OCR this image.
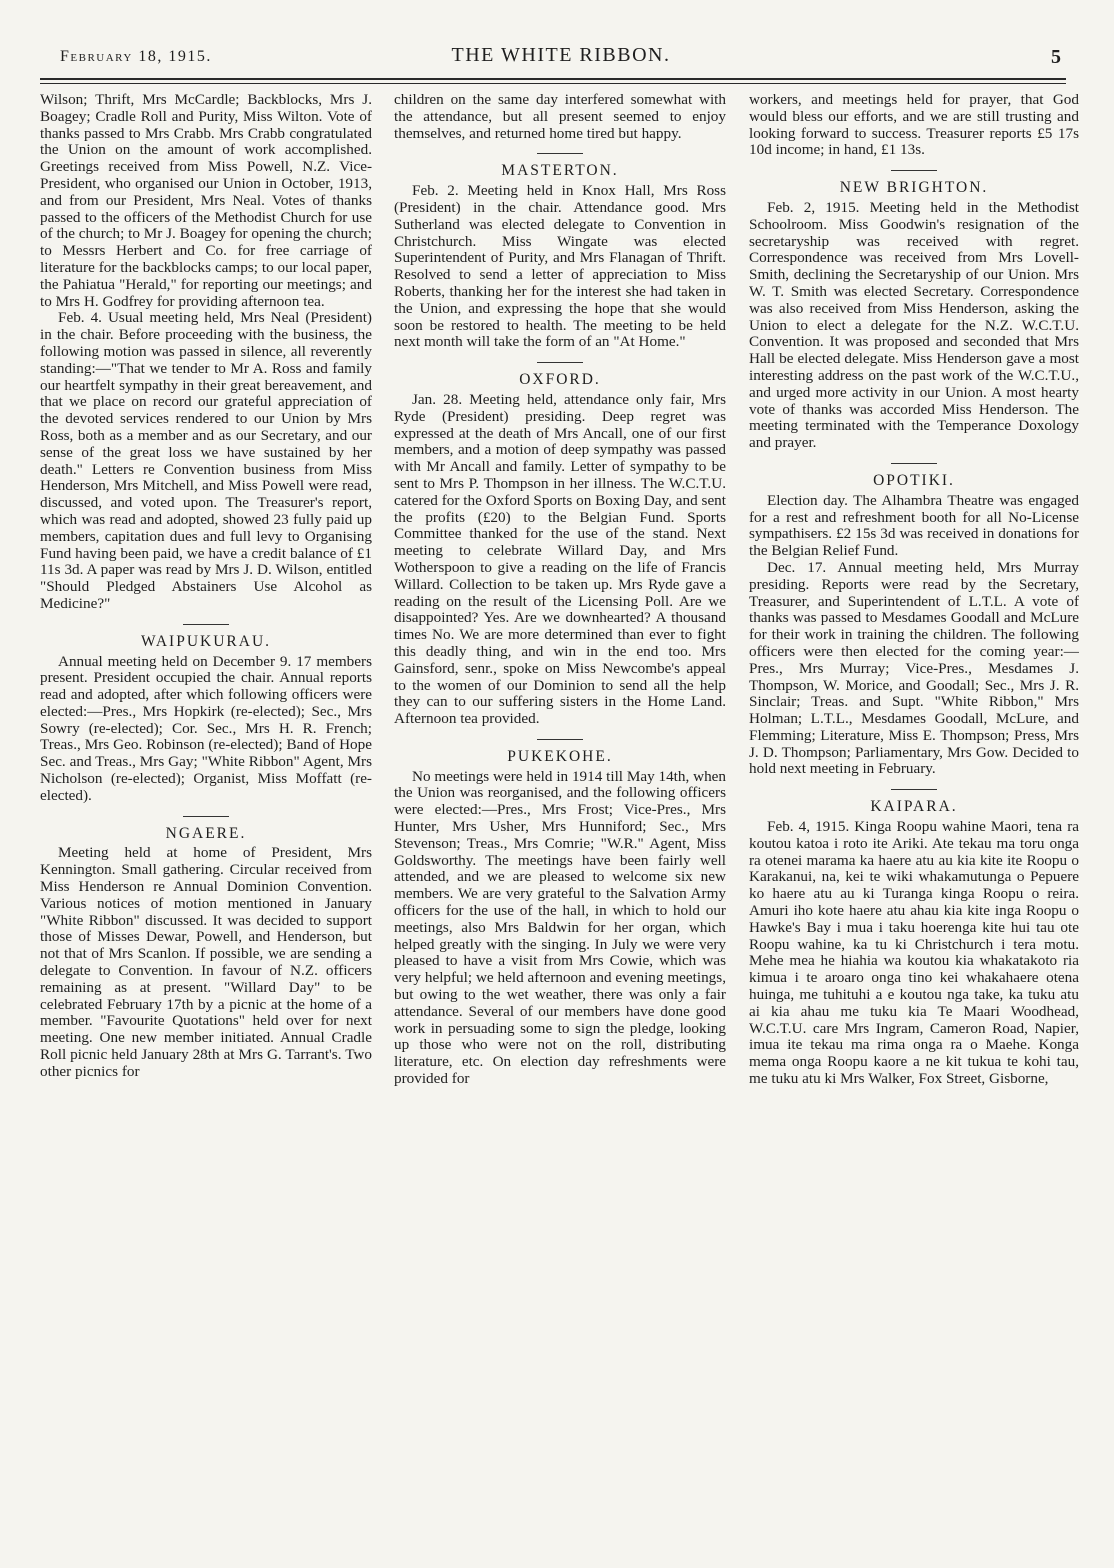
February 18, 1915.	THE WHITE RIBBON.	5

Wilson; Thrift, Mrs McCardle; Backblocks, Mrs J. Boagey; Cradle Roll and Purity, Miss Wilton. Vote of thanks passed to Mrs Crabb. Mrs Crabb congratulated the Union on the amount of work accomplished. Greetings received from Miss Powell, N.Z. Vice-President, who organised our Union in October, 1913, and from our President, Mrs Neal. Votes of thanks passed to the officers of the Methodist Church for use of the church; to Mr J. Boagey for opening the church; to Messrs Herbert and Co. for free carriage of literature for the backblocks camps; to our local paper, the Pahiatua "Herald," for reporting our meetings; and to Mrs H. Godfrey for providing afternoon tea.

Feb. 4. Usual meeting held, Mrs Neal (President) in the chair. Before proceeding with the business, the following motion was passed in silence, all reverently standing:—"That we tender to Mr A. Ross and family our heartfelt sympathy in their great bereavement, and that we place on record our grateful appreciation of the devoted services rendered to our Union by Mrs Ross, both as a member and as our Secretary, and our sense of the great loss we have sustained by her death." Letters re Convention business from Miss Henderson, Mrs Mitchell, and Miss Powell were read, discussed, and voted upon. The Treasurer's report, which was read and adopted, showed 23 fully paid up members, capitation dues and full levy to Organising Fund having been paid, we have a credit balance of £1 11s 3d. A paper was read by Mrs J. D. Wilson, entitled "Should Pledged Abstainers Use Alcohol as Medicine?"

WAIPUKURAU.

Annual meeting held on December 9. 17 members present. President occupied the chair. Annual reports read and adopted, after which following officers were elected:—Pres., Mrs Hopkirk (re-elected); Sec., Mrs Sowry (re-elected); Cor. Sec., Mrs H. R. French; Treas., Mrs Geo. Robinson (re-elected); Band of Hope Sec. and Treas., Mrs Gay; "White Ribbon" Agent, Mrs Nicholson (re-elected); Organist, Miss Moffatt (re-elected).

NGAERE.

Meeting held at home of President, Mrs Kennington. Small gathering. Circular received from Miss Henderson re Annual Dominion Convention. Various notices of motion mentioned in January "White Ribbon" discussed. It was decided to support those of Misses Dewar, Powell, and Henderson, but not that of Mrs Scanlon. If possible, we are sending a delegate to Convention. In favour of N.Z. officers remaining as at present. "Willard Day" to be celebrated February 17th by a picnic at the home of a member. "Favourite Quotations" held over for next meeting. One new member initiated. Annual Cradle Roll picnic held January 28th at Mrs G. Tarrant's. Two other picnics for

children on the same day interfered somewhat with the attendance, but all present seemed to enjoy themselves, and returned home tired but happy.

MASTERTON.

Feb. 2. Meeting held in Knox Hall, Mrs Ross (President) in the chair. Attendance good. Mrs Sutherland was elected delegate to Convention in Christchurch. Miss Wingate was elected Superintendent of Purity, and Mrs Flanagan of Thrift. Resolved to send a letter of appreciation to Miss Roberts, thanking her for the interest she had taken in the Union, and expressing the hope that she would soon be restored to health. The meeting to be held next month will take the form of an "At Home."

OXFORD.

Jan. 28. Meeting held, attendance only fair, Mrs Ryde (President) presiding. Deep regret was expressed at the death of Mrs Ancall, one of our first members, and a motion of deep sympathy was passed with Mr Ancall and family. Letter of sympathy to be sent to Mrs P. Thompson in her illness. The W.C.T.U. catered for the Oxford Sports on Boxing Day, and sent the profits (£20) to the Belgian Fund. Sports Committee thanked for the use of the stand. Next meeting to celebrate Willard Day, and Mrs Wotherspoon to give a reading on the life of Francis Willard. Collection to be taken up. Mrs Ryde gave a reading on the result of the Licensing Poll. Are we disappointed? Yes. Are we downhearted? A thousand times No. We are more determined than ever to fight this deadly thing, and win in the end too. Mrs Gainsford, senr., spoke on Miss Newcombe's appeal to the women of our Dominion to send all the help they can to our suffering sisters in the Home Land. Afternoon tea provided.

PUKEKOHE.

No meetings were held in 1914 till May 14th, when the Union was reorganised, and the following officers were elected:—Pres., Mrs Frost; Vice-Pres., Mrs Hunter, Mrs Usher, Mrs Hunniford; Sec., Mrs Stevenson; Treas., Mrs Comrie; "W.R." Agent, Miss Goldsworthy. The meetings have been fairly well attended, and we are pleased to welcome six new members. We are very grateful to the Salvation Army officers for the use of the hall, in which to hold our meetings, also Mrs Baldwin for her organ, which helped greatly with the singing. In July we were very pleased to have a visit from Mrs Cowie, which was very helpful; we held afternoon and evening meetings, but owing to the wet weather, there was only a fair attendance. Several of our members have done good work in persuading some to sign the pledge, looking up those who were not on the roll, distributing literature, etc. On election day refreshments were provided for

workers, and meetings held for prayer, that God would bless our efforts, and we are still trusting and looking forward to success. Treasurer reports £5 17s 10d income; in hand, £1 13s.

NEW BRIGHTON.

Feb. 2, 1915. Meeting held in the Methodist Schoolroom. Miss Goodwin's resignation of the secretaryship was received with regret. Correspondence was received from Mrs Lovell-Smith, declining the Secretaryship of our Union. Mrs W. T. Smith was elected Secretary. Correspondence was also received from Miss Henderson, asking the Union to elect a delegate for the N.Z. W.C.T.U. Convention. It was proposed and seconded that Mrs Hall be elected delegate. Miss Henderson gave a most interesting address on the past work of the W.C.T.U., and urged more activity in our Union. A most hearty vote of thanks was accorded Miss Henderson. The meeting terminated with the Temperance Doxology and prayer.

OPOTIKI.

Election day. The Alhambra Theatre was engaged for a rest and refreshment booth for all No-License sympathisers. £2 15s 3d was received in donations for the Belgian Relief Fund.

Dec. 17. Annual meeting held, Mrs Murray presiding. Reports were read by the Secretary, Treasurer, and Superintendent of L.T.L. A vote of thanks was passed to Mesdames Goodall and McLure for their work in training the children. The following officers were then elected for the coming year:—Pres., Mrs Murray; Vice-Pres., Mesdames J. Thompson, W. Morice, and Goodall; Sec., Mrs J. R. Sinclair; Treas. and Supt. "White Ribbon," Mrs Holman; L.T.L., Mesdames Goodall, McLure, and Flemming; Literature, Miss E. Thompson; Press, Mrs J. D. Thompson; Parliamentary, Mrs Gow. Decided to hold next meeting in February.

KAIPARA.

Feb. 4, 1915. Kinga Roopu wahine Maori, tena ra koutou katoa i roto ite Ariki. Ate tekau ma toru onga ra otenei marama ka haere atu au kia kite ite Roopu o Karakanui, na, kei te wiki whakamutunga o Pepuere ko haere atu au ki Turanga kinga Roopu o reira. Amuri iho kote haere atu ahau kia kite inga Roopu o Hawke's Bay i mua i taku hoerenga kite hui tau ote Roopu wahine, ka tu ki Christchurch i tera motu. Mehe mea he hiahia wa koutou kia whakatakoto ria kimua i te aroaro onga tino kei whakahaere otena huinga, me tuhituhi a e koutou nga take, ka tuku atu ai kia ahau me tuku kia Te Maari Woodhead, W.C.T.U. care Mrs Ingram, Cameron Road, Napier, imua ite tekau ma rima onga ra o Maehe. Konga mema onga Roopu kaore a ne kit tukua te kohi tau, me tuku atu ki Mrs Walker, Fox Street, Gisborne,
